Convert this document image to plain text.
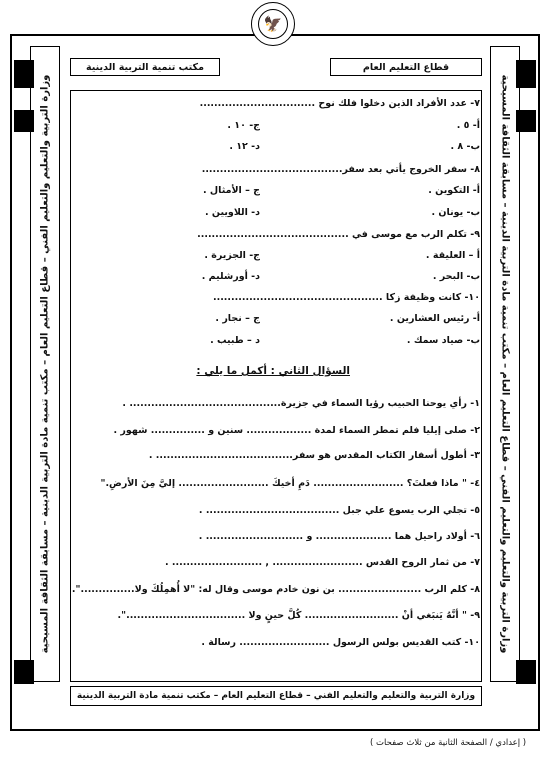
وزارة التربية والتعليم والتعليم الفني – قطاع التعليم العام – مكتب تنمية مادة التربية الدينية – مسابقة الثقافة المسيحية	وزارة التربية والتعليم والتعليم الفني – قطاع التعليم العام – مكتب تنمية مادة التربية الدينية – مسابقة الثقافة المسيحية
🦅
مكتب تنمية التربية الدينية	قطاع التعليم العام
٧- عدد الأفراد الذين دخلوا فلك نوح ................................
أ- ٥ .
ج- ١٠ .
ب- ٨ .
د- ١٢ .
٨- سفر الخروج يأتي بعد سفر.......................................
أ- التكوين .
ج – الأمثال .
ب- يونان .
د- اللاويين .
٩- تكلم الرب مع موسى في ..........................................
أ – العليقة .
ج- الجزيرة .
ب- البحر .
د- أورشليم .
١٠- كانت وظيفة زكا ...............................................
أ- رئيس العشارين .
ج – نجار .
ب- صياد سمك .
د – طبيب .
السؤال الثاني : أكمل ما يلي :
١- رأي يوحنا الحبيب رؤيا السماء في جزيرة.......................................... .
٢- صلى إيليا فلم تمطر السماء لمدة .................. سنين و ............... شهور .
٣- أطول أسفار الكتاب المقدس هو سفر...................................... .
٤- " ماذا فعلتَ؟ ......................... دَمِ أخيكَ ......................... إليَّ مِنَ الأرضِ."
٥- تجلي الرب يسوع علي جبل ..................................... .
٦- أولاد راحيل هما ..................... و ........................... .
٧- من ثمار الروح القدس ......................... , ......................... .
٨- كلم الرب ....................... بن نون خادم موسى وقال له: "لا أُهمِلُكَ ولا...............".
٩- " أنَّهُ يَنبَغي أنْ .......................... كُلَّ حينٍ ولا .................................".
١٠- كتب القديس بولس الرسول ......................... رسالة .
وزارة التربية والتعليم والتعليم الفني – قطاع التعليم العام – مكتب تنمية مادة التربية الدينية
( إعدادي / الصفحة الثانية من ثلاث صفحات )
